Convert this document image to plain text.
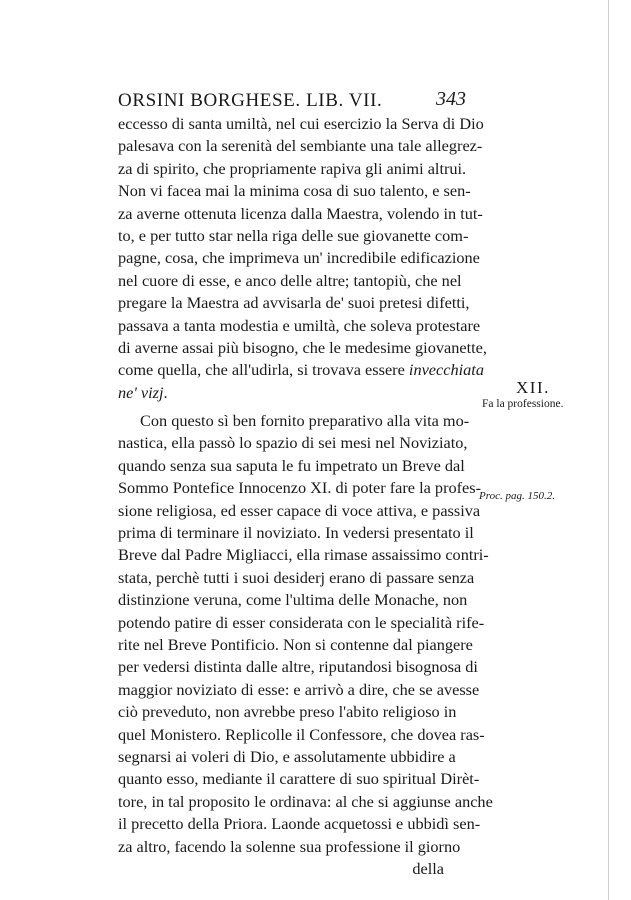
ORSINI BORGHESE. LIB. VII.	343
eccesso di santa umiltà, nel cui esercizio la Serva di Dio
palesava con la serenità del sembiante una tale allegrez-
za di spirito, che propriamente rapiva gli animi altrui.
Non vi facea mai la minima cosa di suo talento, e sen-
za averne ottenuta licenza dalla Maestra, volendo in tut-
to, e per tutto star nella riga delle sue giovanette com-
pagne, cosa, che imprimeva un' incredibile edificazione
nel cuore di esse, e anco delle altre; tantopiù, che nel
pregare la Maestra ad avvisarla de' suoi pretesi difetti,
passava a tanta modestia e umiltà, che soleva protestare
di averne assai più bisogno, che le medesime giovanette,
come quella, che all'udirla, si trovava essere invecchiata
ne' vizj.
Con questo sì ben fornito preparativo alla vita mo-
nastica, ella passò lo spazio di sei mesi nel Noviziato,
quando senza sua saputa le fu impetrato un Breve dal
Sommo Pontefice Innocenzo XI. di poter fare la profes-
sione religiosa, ed esser capace di voce attiva, e passiva
prima di terminare il noviziato. In vedersi presentato il
Breve dal Padre Migliacci, ella rimase assaissimo contri-
stata, perchè tutti i suoi desiderj erano di passare senza
distinzione veruna, come l'ultima delle Monache, non
potendo patire di esser considerata con le specialità rife-
rite nel Breve Pontificio. Non si contenne dal piangere
per vedersi distinta dalle altre, riputandosi bisognosa di
maggior noviziato di esse: e arrivò a dire, che se avesse
ciò preveduto, non avrebbe preso l'abito religioso in
quel Monistero. Replicolle il Confessore, che dovea ras-
segnarsi ai voleri di Dio, e assolutamente ubbidire a
quanto esso, mediante il carattere di suo spiritual Dirèt-
tore, in tal proposito le ordinava: al che si aggiunse anche
il precetto della Priora. Laonde acquetossi e ubbidì sen-
za altro, facendo la solenne sua professione il giorno
della
XII.
Fa la professione.
Proc. pag. 150.2.
